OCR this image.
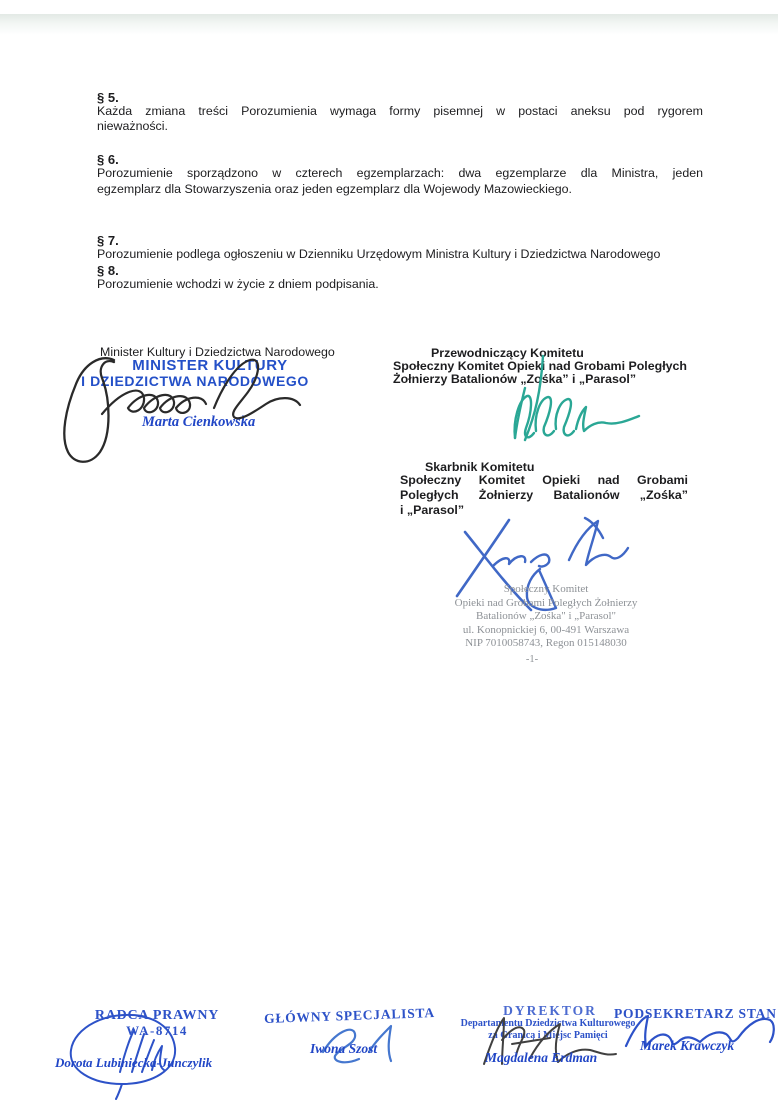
§ 5.
Każda zmiana treści Porozumienia wymaga formy pisemnej w postaci aneksu pod rygorem
nieważności.
§ 6.
Porozumienie sporządzono w czterech egzemplarzach: dwa egzemplarze dla Ministra, jeden
egzemplarz dla Stowarzyszenia oraz jeden egzemplarz dla Wojewody Mazowieckiego.
§ 7.
Porozumienie podlega ogłoszeniu w Dzienniku Urzędowym Ministra Kultury i Dziedzictwa Narodowego
§ 8.
Porozumienie wchodzi w życie z dniem podpisania.
Minister Kultury i Dziedzictwa Narodowego
MINISTER KULTURY
I DZIEDZICTWA NARODOWEGO
Marta Cienkowska
Przewodniczący Komitetu
Społeczny Komitet Opieki nad Grobami Poległych
Żołnierzy Batalionów „Zośka” i „Parasol”
Skarbnik Komitetu
Społeczny Komitet Opieki nad Grobami
Poległych Żołnierzy Batalionów „Zośka”
i „Parasol”
Społeczny Komitet
Opieki nad Grobami Poległych Żołnierzy
Batalionów „Zośka" i „Parasol"
ul. Konopnickiej 6, 00-491 Warszawa
NIP 7010058743, Regon 015148030
-1-
RADCA PRAWNY
WA-8714
Dorota Lubiniecka-Junczylik
GŁÓWNY SPECJALISTA
Iwona Szost
DYREKTOR
Departamentu Dziedzictwa Kulturowego
za Granicą i Miejsc Pamięci
Magdalena Erdman
PODSEKRETARZ STAN
Marek Krawczyk
